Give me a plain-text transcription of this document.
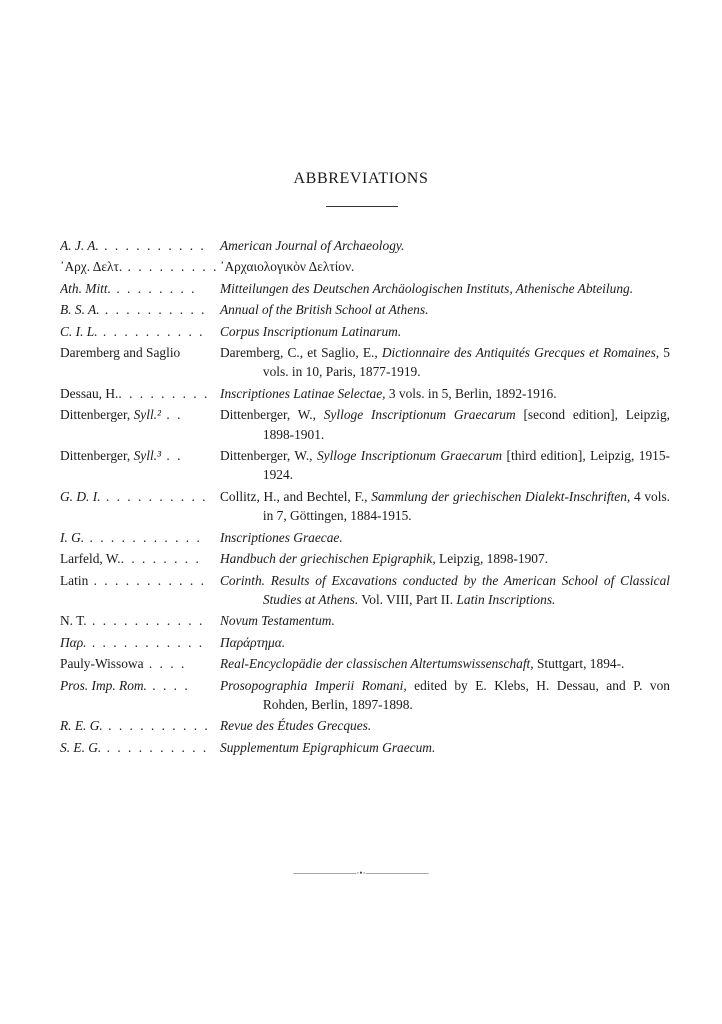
ABBREVIATIONS
A. J. A. . . . . . . . . . .	American Journal of Archaeology.
᾿Αρχ. Δελτ. . . . . . . . . . ᾿Αρχαιολογικὸν Δελτίον.
Ath. Mitt. . . . . . . . .	Mitteilungen des Deutschen Archäologischen Instituts, Athenische Abteilung.
B. S. A. . . . . . . . . . .	Annual of the British School at Athens.
C. I. L. . . . . . . . . . .	Corpus Inscriptionum Latinarum.
Daremberg and Saglio	Daremberg, C., et Saglio, E., Dictionnaire des Antiquités Grecques et Romaines, 5 vols. in 10, Paris, 1877-1919.
Dessau, H.. . . . . . . . . Inscriptiones Latinae Selectae, 3 vols. in 5, Berlin, 1892-1916.
Dittenberger, Syll.² . .	Dittenberger, W., Sylloge Inscriptionum Graecarum [second edition], Leipzig, 1898-1901.
Dittenberger, Syll.³ . .	Dittenberger, W., Sylloge Inscriptionum Graecarum [third edition], Leipzig, 1915-1924.
G. D. I. . . . . . . . . . . Collitz, H., and Bechtel, F., Sammlung der griechischen Dialekt-Inschriften, 4 vols. in 7, Göttingen, 1884-1915.
I. G. . . . . . . . . . . .	Inscriptiones Graecae.
Larfeld, W.. . . . . . . .	Handbuch der griechischen Epigraphik, Leipzig, 1898-1907.
Latin . . . . . . . . . . .	Corinth. Results of Excavations conducted by the American School of Classical Studies at Athens. Vol. VIII, Part II. Latin Inscriptions.
N. T. . . . . . . . . . . .	Novum Testamentum.
Παρ. . . . . . . . . . . .	Παράρτημα.
Pauly-Wissowa . . . .	Real-Encyclopädie der classischen Altertumswissenschaft, Stuttgart, 1894-.
Pros. Imp. Rom. . . . .	Prosopographia Imperii Romani, edited by E. Klebs, H. Dessau, and P. von Rohden, Berlin, 1897-1898.
R. E. G. . . . . . . . . . . Revue des Études Grecques.
S. E. G. . . . . . . . . . . Supplementum Epigraphicum Graecum.
———————·•·———————
